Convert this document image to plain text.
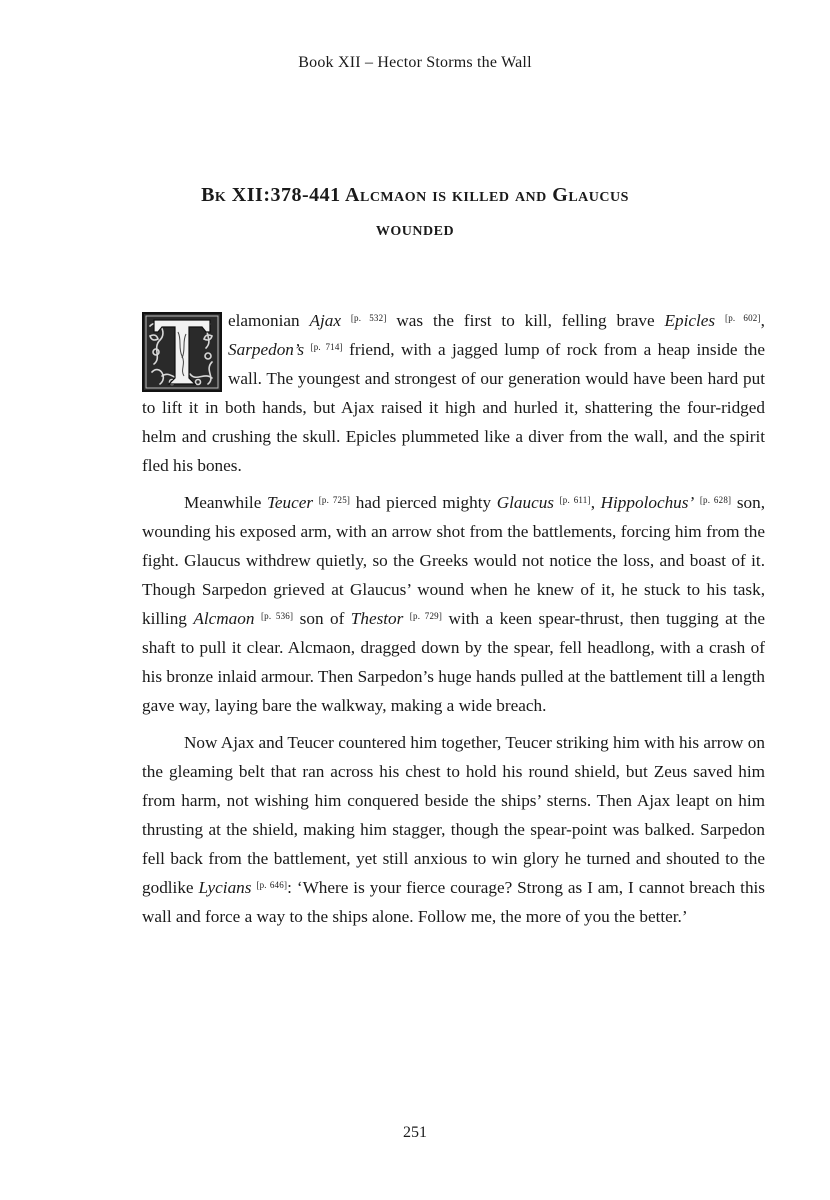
Book XII – Hector Storms the Wall
Bk XII:378-441 Alcmaon is killed and Glaucus
wounded

elamonian Ajax [p. 532] was the first to kill, felling brave Epicles [p. 602], Sarpedon’s [p. 714] friend, with a jagged lump of rock from a heap inside the wall. The youngest and strongest of our generation would have been hard put to lift it in both hands, but Ajax raised it high and hurled it, shattering the four-ridged helm and crushing the skull. Epicles plummeted like a diver from the wall, and the spirit fled his bones.

Meanwhile Teucer [p. 725] had pierced mighty Glaucus [p. 611], Hippolochus’ [p. 628] son, wounding his exposed arm, with an arrow shot from the battlements, forcing him from the fight. Glaucus withdrew quietly, so the Greeks would not notice the loss, and boast of it. Though Sarpedon grieved at Glaucus’ wound when he knew of it, he stuck to his task, killing Alcmaon [p. 536] son of Thestor [p. 729] with a keen spear-thrust, then tugging at the shaft to pull it clear. Alcmaon, dragged down by the spear, fell headlong, with a crash of his bronze inlaid armour. Then Sarpedon’s huge hands pulled at the battlement till a length gave way, laying bare the walkway, making a wide breach.

Now Ajax and Teucer countered him together, Teucer striking him with his arrow on the gleaming belt that ran across his chest to hold his round shield, but Zeus saved him from harm, not wishing him conquered beside the ships’ sterns. Then Ajax leapt on him thrusting at the shield, making him stagger, though the spear-point was balked. Sarpedon fell back from the battlement, yet still anxious to win glory he turned and shouted to the godlike Lycians [p. 646]: ‘Where is your fierce courage? Strong as I am, I cannot breach this wall and force a way to the ships alone. Follow me, the more of you the better.’

251
